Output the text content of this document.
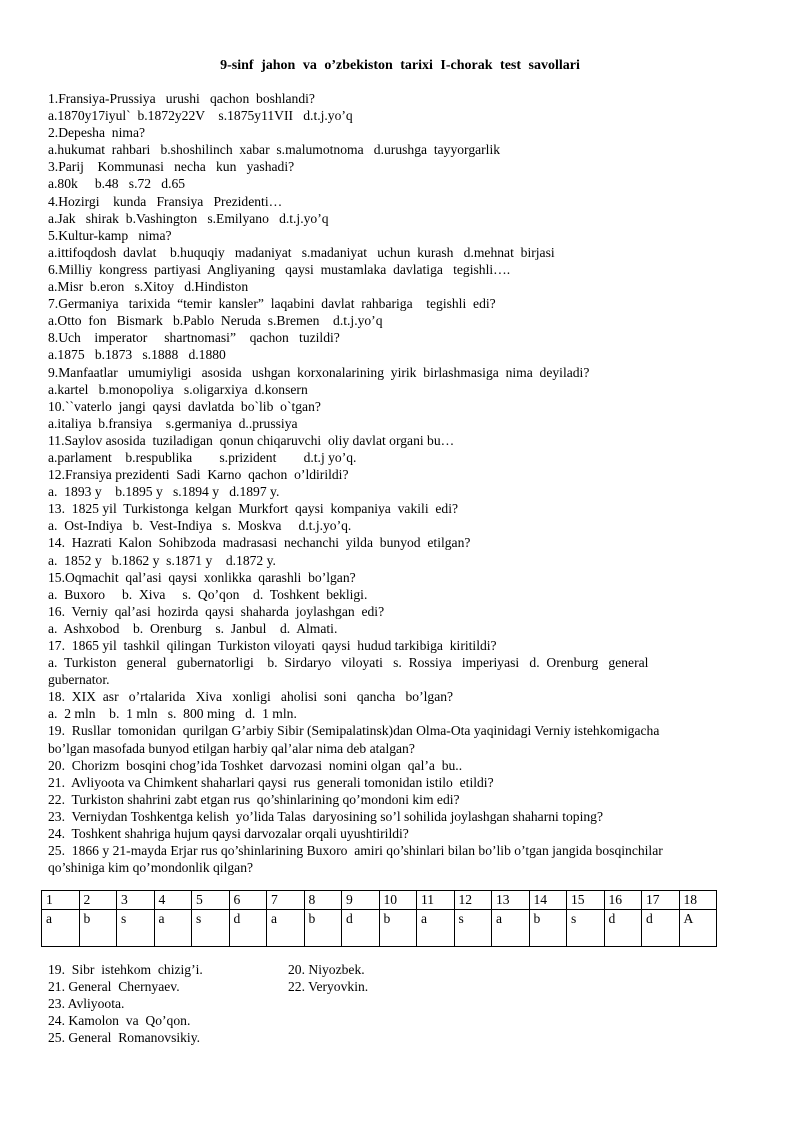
9-sinf jahon va o’zbekiston tarixi I-chorak test savollari
1.Fransiya-Prussiya   urushi   qachon  boshlandi?
a.1870y17iyul`  b.1872y22V    s.1875y11VII   d.t.j.yo’q
2.Depesha  nima?
a.hukumat  rahbari   b.shoshilinch  xabar  s.malumotnoma   d.urushga  tayyorgarlik
3.Parij    Kommunasi   necha   kun   yashadi?
a.80k     b.48   s.72   d.65
4.Hozirgi    kunda   Fransiya   Prezidenti…
a.Jak   shirak  b.Vashington   s.Emilyano   d.t.j.yo’q
5.Kultur-kamp   nima?
a.ittifoqdosh  davlat    b.huquqiy   madaniyat   s.madaniyat   uchun  kurash   d.mehnat  birjasi
6.Milliy  kongress  partiyasi  Angliyaning   qaysi  mustamlaka  davlatiga   tegishli….
a.Misr  b.eron   s.Xitoy   d.Hindiston
7.Germaniya   tarixida  “temir  kansler”  laqabini  davlat  rahbariga    tegishli  edi?
a.Otto  fon   Bismark   b.Pablo  Neruda  s.Bremen    d.t.j.yo’q
8.Uch    imperator     shartnomasi”    qachon   tuzildi?
a.1875   b.1873   s.1888   d.1880
9.Manfaatlar   umumiyligi   asosida   ushgan  korxonalarining  yirik  birlashmasiga  nima  deyiladi?
a.kartel   b.monopoliya   s.oligarxiya  d.konsern
10.``vaterlo  jangi  qaysi  davlatda  bo`lib  o`tgan?
a.italiya  b.fransiya    s.germaniya  d..prussiya
11.Saylov asosida  tuziladigan  qonun chiqaruvchi  oliy davlat organi bu…
a.parlament    b.respublika        s.prizident        d.t.j yo’q.
12.Fransiya prezidenti  Sadi  Karno  qachon  o’ldirildi?
a.  1893 y    b.1895 y   s.1894 y   d.1897 y.
13.  1825 yil  Turkistonga  kelgan  Murkfort  qaysi  kompaniya  vakili  edi?
a.  Ost-Indiya   b.  Vest-Indiya   s.  Moskva     d.t.j.yo’q.
14.  Hazrati  Kalon  Sohibzoda  madrasasi  nechanchi  yilda  bunyod  etilgan?
a.  1852 y   b.1862 y  s.1871 y    d.1872 y.
15.Oqmachit  qal’asi  qaysi  xonlikka  qarashli  bo’lgan?
a.  Buxoro     b.  Xiva     s.  Qo’qon    d.  Toshkent  bekligi.
16.  Verniy  qal’asi  hozirda  qaysi  shaharda  joylashgan  edi?
a.  Ashxobod    b.  Orenburg    s.  Janbul    d.  Almati.
17.  1865 yil  tashkil  qilingan  Turkiston viloyati  qaysi  hudud tarkibiga  kiritildi?
a.  Turkiston   general   gubernatorligi    b.  Sirdaryo   viloyati   s.  Rossiya   imperiyasi   d.  Orenburg   general
gubernator.
18.  XIX  asr   o’rtalarida   Xiva   xonligi   aholisi  soni   qancha   bo’lgan?
a.  2 mln    b.  1 mln   s.  800 ming   d.  1 mln.
19.  Rusllar  tomonidan  qurilgan G’arbiy Sibir (Semipalatinsk)dan Olma-Ota yaqinidagi Verniy istehkomigacha
bo’lgan masofada bunyod etilgan harbiy qal’alar nima deb atalgan?
20.  Chorizm  bosqini chog’ida Toshket  darvozasi  nomini olgan  qal’a  bu..
21.  Avliyoota va Chimkent shaharlari qaysi  rus  generali tomonidan istilo  etildi?
22.  Turkiston shahrini zabt etgan rus  qo’shinlarining qo’mondoni kim edi?
23.  Verniydan Toshkentga kelish  yo’lida Talas  daryosining so’l sohilida joylashgan shaharni toping?
24.  Toshkent shahriga hujum qaysi darvozalar orqali uyushtirildi?
25.  1866 y 21-mayda Erjar rus qo’shinlarining Buxoro  amiri qo’shinlari bilan bo’lib o’tgan jangida bosqinchilar
qo’shiniga kim qo’mondonlik qilgan?
1	2	3	4	5	6	7	8	9	10	11	12	13	14	15	16	17	18
a	b	s	a	s	d	a	b	d	b	a	s	a	b	s	d	d	A
19.  Sibr  istehkom  chizig’i.	20. Niyozbek.
21. General  Chernyaev.	22. Veryovkin.
23. Avliyoota.
24. Kamolon  va  Qo’qon.
25. General  Romanovsikiy.
